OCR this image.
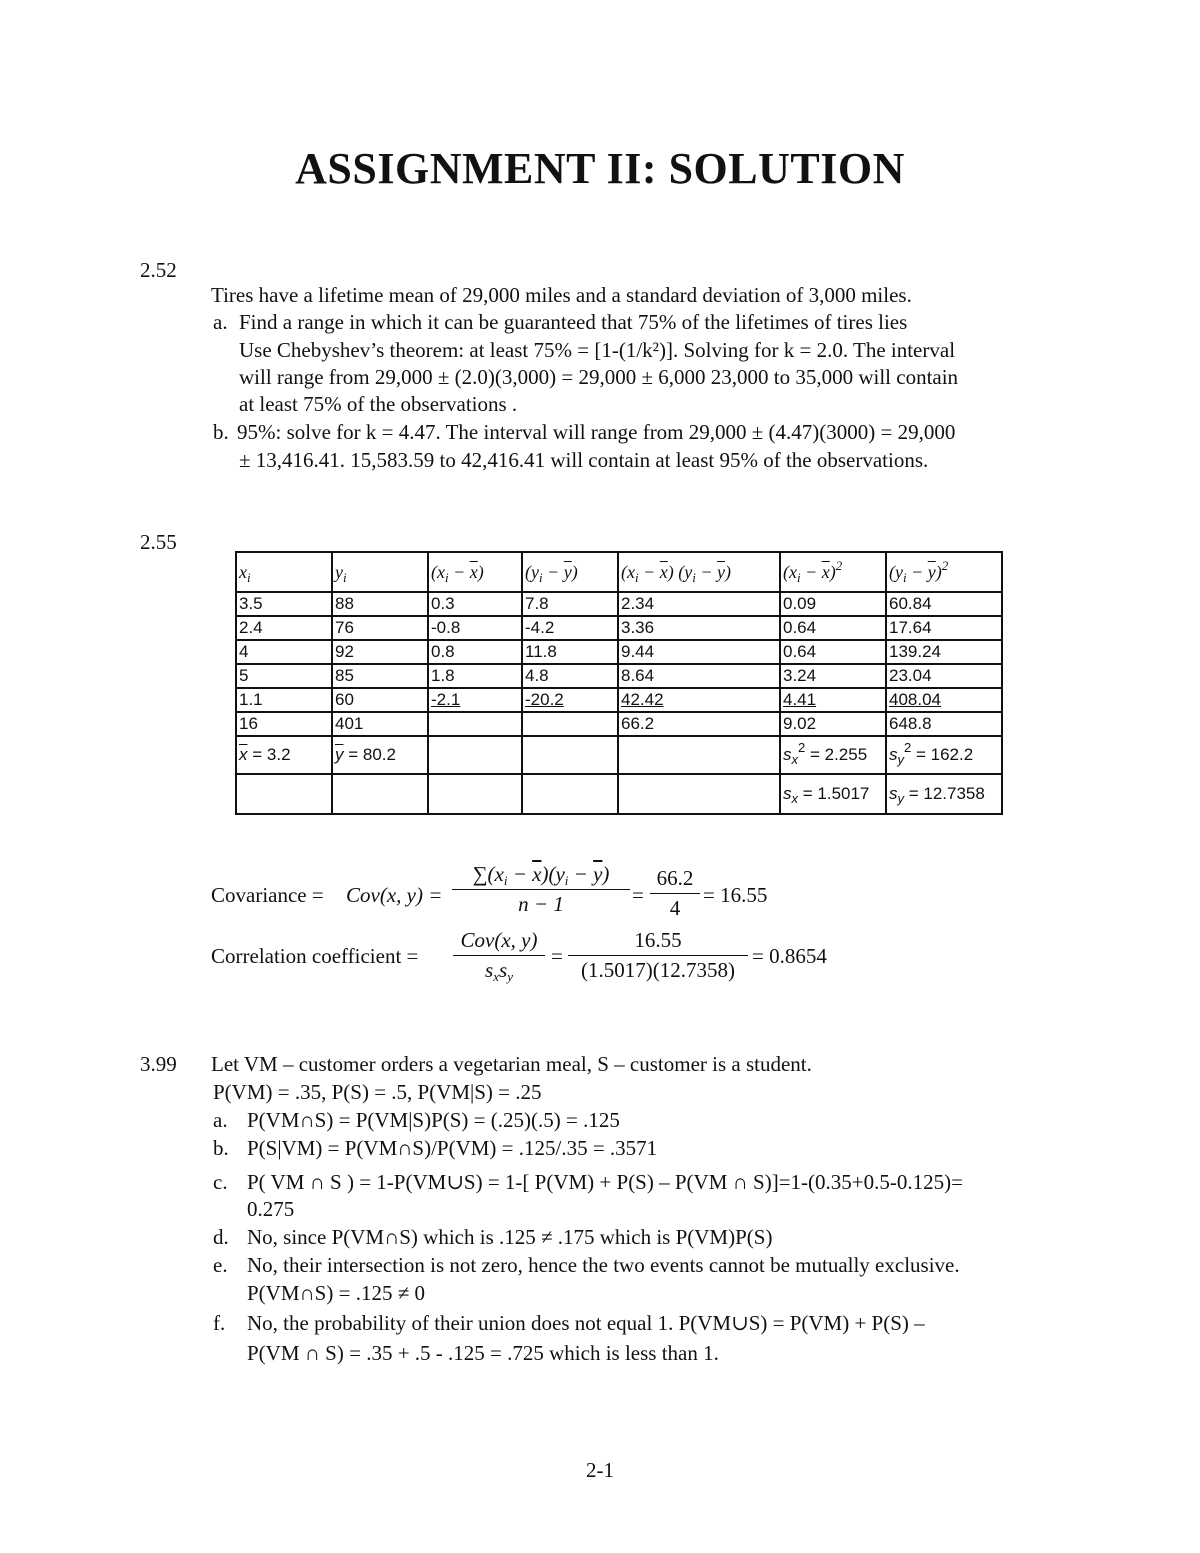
ASSIGNMENT II: SOLUTION
2.52
Tires have a lifetime mean of 29,000 miles and a standard deviation of 3,000 miles.
a. Find a range in which it can be guaranteed that 75% of the lifetimes of tires lies
Use Chebyshev’s theorem: at least 75% = [1-(1/k²)]. Solving for k = 2.0. The interval
will range from 29,000 ± (2.0)(3,000) = 29,000 ± 6,000 23,000 to 35,000 will contain
at least 75% of the observations .
b. 95%: solve for k = 4.47. The interval will range from 29,000 ± (4.47)(3000) = 29,000
± 13,416.41. 15,583.59 to 42,416.41 will contain at least 95% of the observations.
2.55
$x_i$	$y_i$	$(x_i - \overline{x})$	$(y_i - \overline{y})$	$(x_i - \overline{x}) (y_i - \overline{y})$	$(x_i - \overline{x})^2$	$(y_i - \overline{y})^2$
3.5	88	0.3	7.8	2.34	0.09	60.84
2.4	76	-0.8	-4.2	3.36	0.64	17.64
4	92	0.8	11.8	9.44	0.64	139.24
5	85	1.8	4.8	8.64	3.24	23.04
1.1	60	-2.1	-20.2	42.42	4.41	408.04
16	401			66.2	9.02	648.8
$\overline{x} = 3.2$	$\overline{y} = 80.2$				$s_x^2 = 2.255$	$s_y^2 = 162.2$
					$s_x = 1.5017$	$s_y = 12.7358$
Covariance = Cov(x, $y) = \frac{\sum(x_i - \overline{x})(y_i - \overline{y})}{n - 1} = \frac{66.2}{4} = 16.55$
Correlation coefficient = $\frac{\text{Cov(x, y)}}{s_xs_y} = \frac{16.55}{(1.5017)(12.7358)} = 0.8654$
3.99 Let VM – customer orders a vegetarian meal, S – customer is a student.
P(VM) = .35, P(S) = .5, P(VM|S) = .25
a. P(VM∩S) = P(VM|S)P(S) = (.25)(.5) = .125
b. P(S|VM) = P(VM∩S)/P(VM) = .125/.35 = .3571
c. P( VM ∩ S ) = 1-P(VM∪S) = 1-[ P(VM) + P(S) – P(VM ∩ S)]=1-(0.35+0.5-0.125)=
0.275
d. No, since P(VM∩S) which is .125 ≠ .175 which is P(VM)P(S)
e. No, their intersection is not zero, hence the two events cannot be mutually exclusive.
P(VM∩S) = .125 ≠ 0
f. No, the probability of their union does not equal 1. P(VM∪S) = P(VM) + P(S) –
P(VM ∩ S) = .35 + .5 - .125 = .725 which is less than 1.
2-1
